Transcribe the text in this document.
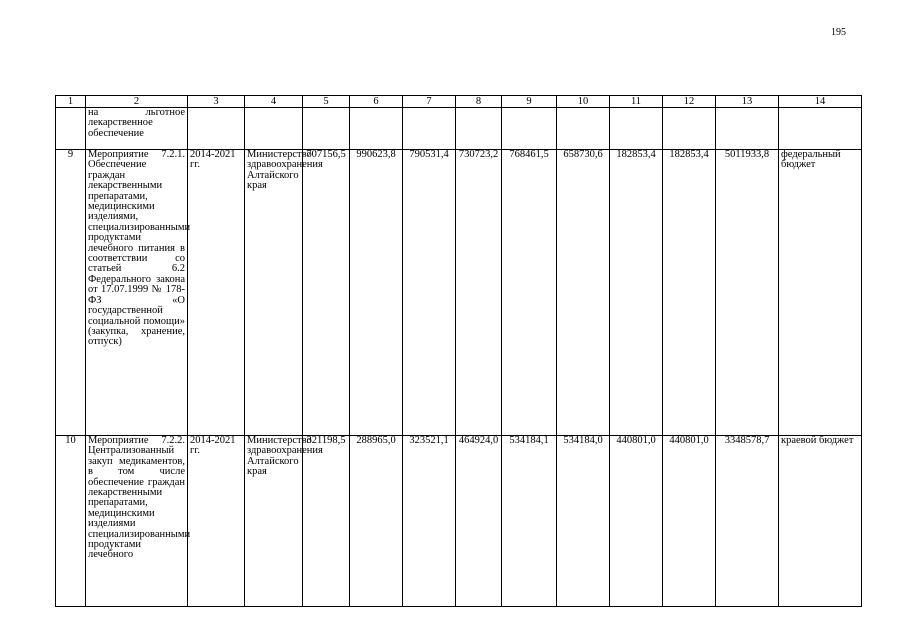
195
1	2	3	4	5	6	7	8	9	10	11	12	13	14
	на льготное лекарственное обеспечение												
9	Мероприятие 7.2.1. Обеспечение граждан лекарственными препаратами, медицинскими изделиями, специализированными продуктами лечебного питания в соответствии со статьей 6.2 Федерального закона от 17.07.1999 № 178-ФЗ «О государственной социальной помощи» (закупка, хранение, отпуск)	2014-2021 гг.	Министерство здравоохранения Алтайского края	707156,5	990623,8	790531,4	730723,2	768461,5	658730,6	182853,4	182853,4	5011933,8	федеральный бюджет
10	Мероприятие 7.2.2. Централизованный закуп медикаментов, в том числе обеспечение граждан лекарственными препаратами, медицинскими изделиями специализированными продуктами лечебного	2014-2021 гг.	Министерство здравоохранения Алтайского края	321198,5	288965,0	323521,1	464924,0	534184,1	534184,0	440801,0	440801,0	3348578,7	краевой бюджет
